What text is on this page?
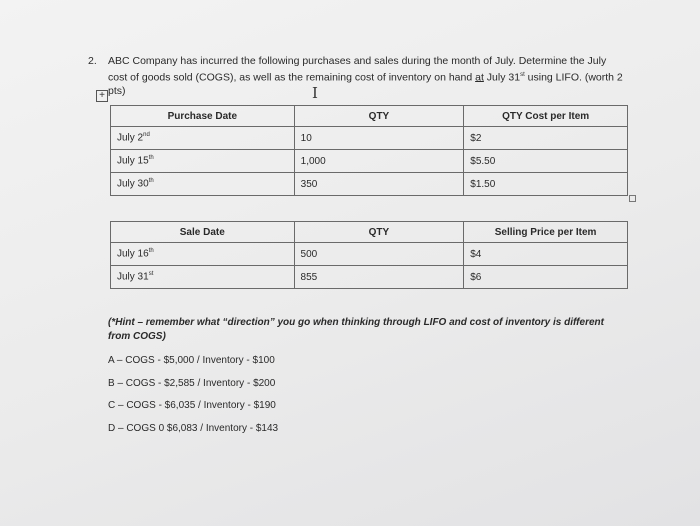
2. ABC Company has incurred the following purchases and sales during the month of July. Determine the July cost of goods sold (COGS), as well as the remaining cost of inventory on hand at July 31st using LIFO. (worth 2 pts)
+	I
Purchase Date	QTY	QTY Cost per Item
July 2nd	10	$2
July 15th	1,000	$5.50
July 30th	350	$1.50
Sale Date	QTY	Selling Price per Item
July 16th	500	$4
July 31st	855	$6
(*Hint – remember what “direction” you go when thinking through LIFO and cost of inventory is different from COGS)
A – COGS - $5,000 / Inventory - $100
B – COGS - $2,585 / Inventory - $200
C – COGS - $6,035 / Inventory - $190
D – COGS 0 $6,083 / Inventory - $143
